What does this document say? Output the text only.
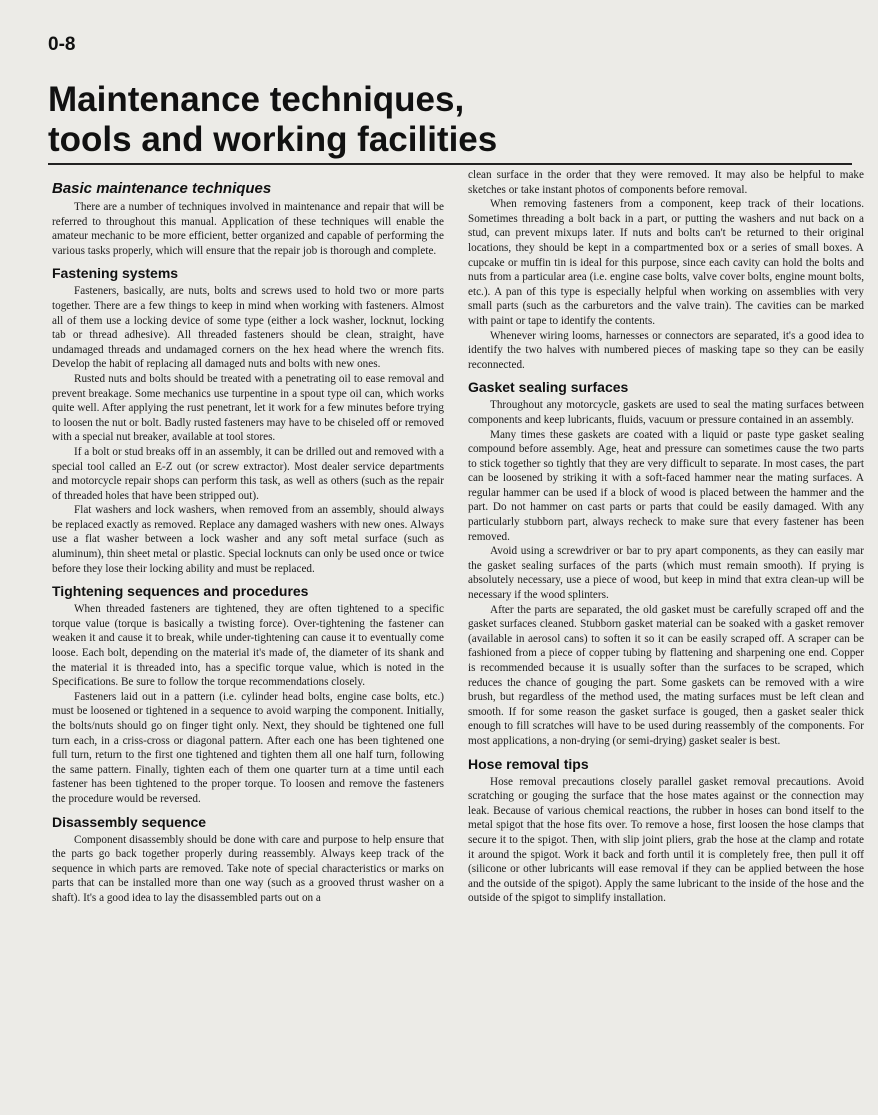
0-8
Maintenance techniques,
tools and working facilities
Basic maintenance techniques

There are a number of techniques involved in maintenance and repair that will be referred to throughout this manual. Application of these techniques will enable the amateur mechanic to be more efficient, better organized and capable of performing the various tasks properly, which will ensure that the repair job is thorough and complete.

Fastening systems

Fasteners, basically, are nuts, bolts and screws used to hold two or more parts together. There are a few things to keep in mind when working with fasteners. Almost all of them use a locking device of some type (either a lock washer, locknut, locking tab or thread adhesive). All threaded fasteners should be clean, straight, have undamaged threads and undamaged corners on the hex head where the wrench fits. Develop the habit of replacing all damaged nuts and bolts with new ones.

Rusted nuts and bolts should be treated with a penetrating oil to ease removal and prevent breakage. Some mechanics use turpentine in a spout type oil can, which works quite well. After applying the rust penetrant, let it work for a few minutes before trying to loosen the nut or bolt. Badly rusted fasteners may have to be chiseled off or removed with a special nut breaker, available at tool stores.

If a bolt or stud breaks off in an assembly, it can be drilled out and removed with a special tool called an E-Z out (or screw extractor). Most dealer service departments and motorcycle repair shops can perform this task, as well as others (such as the repair of threaded holes that have been stripped out).

Flat washers and lock washers, when removed from an assembly, should always be replaced exactly as removed. Replace any damaged washers with new ones. Always use a flat washer between a lock washer and any soft metal surface (such as aluminum), thin sheet metal or plastic. Special locknuts can only be used once or twice before they lose their locking ability and must be replaced.

Tightening sequences and procedures

When threaded fasteners are tightened, they are often tightened to a specific torque value (torque is basically a twisting force). Over-tightening the fastener can weaken it and cause it to break, while under-tightening can cause it to eventually come loose. Each bolt, depending on the material it's made of, the diameter of its shank and the material it is threaded into, has a specific torque value, which is noted in the Specifications. Be sure to follow the torque recommendations closely.

Fasteners laid out in a pattern (i.e. cylinder head bolts, engine case bolts, etc.) must be loosened or tightened in a sequence to avoid warping the component. Initially, the bolts/nuts should go on finger tight only. Next, they should be tightened one full turn each, in a criss-cross or diagonal pattern. After each one has been tightened one full turn, return to the first one tightened and tighten them all one half turn, following the same pattern. Finally, tighten each of them one quarter turn at a time until each fastener has been tightened to the proper torque. To loosen and remove the fasteners the procedure would be reversed.

Disassembly sequence

Component disassembly should be done with care and purpose to help ensure that the parts go back together properly during reassembly. Always keep track of the sequence in which parts are removed. Take note of special characteristics or marks on parts that can be installed more than one way (such as a grooved thrust washer on a shaft). It's a good idea to lay the disassembled parts out on a

clean surface in the order that they were removed. It may also be helpful to make sketches or take instant photos of components before removal.

When removing fasteners from a component, keep track of their locations. Sometimes threading a bolt back in a part, or putting the washers and nut back on a stud, can prevent mixups later. If nuts and bolts can't be returned to their original locations, they should be kept in a compartmented box or a series of small boxes. A cupcake or muffin tin is ideal for this purpose, since each cavity can hold the bolts and nuts from a particular area (i.e. engine case bolts, valve cover bolts, engine mount bolts, etc.). A pan of this type is especially helpful when working on assemblies with very small parts (such as the carburetors and the valve train). The cavities can be marked with paint or tape to identify the contents.

Whenever wiring looms, harnesses or connectors are separated, it's a good idea to identify the two halves with numbered pieces of masking tape so they can be easily reconnected.

Gasket sealing surfaces

Throughout any motorcycle, gaskets are used to seal the mating surfaces between components and keep lubricants, fluids, vacuum or pressure contained in an assembly.

Many times these gaskets are coated with a liquid or paste type gasket sealing compound before assembly. Age, heat and pressure can sometimes cause the two parts to stick together so tightly that they are very difficult to separate. In most cases, the part can be loosened by striking it with a soft-faced hammer near the mating surfaces. A regular hammer can be used if a block of wood is placed between the hammer and the part. Do not hammer on cast parts or parts that could be easily damaged. With any particularly stubborn part, always recheck to make sure that every fastener has been removed.

Avoid using a screwdriver or bar to pry apart components, as they can easily mar the gasket sealing surfaces of the parts (which must remain smooth). If prying is absolutely necessary, use a piece of wood, but keep in mind that extra clean-up will be necessary if the wood splinters.

After the parts are separated, the old gasket must be carefully scraped off and the gasket surfaces cleaned. Stubborn gasket material can be soaked with a gasket remover (available in aerosol cans) to soften it so it can be easily scraped off. A scraper can be fashioned from a piece of copper tubing by flattening and sharpening one end. Copper is recommended because it is usually softer than the surfaces to be scraped, which reduces the chance of gouging the part. Some gaskets can be removed with a wire brush, but regardless of the method used, the mating surfaces must be left clean and smooth. If for some reason the gasket surface is gouged, then a gasket sealer thick enough to fill scratches will have to be used during reassembly of the components. For most applications, a non-drying (or semi-drying) gasket sealer is best.

Hose removal tips

Hose removal precautions closely parallel gasket removal precautions. Avoid scratching or gouging the surface that the hose mates against or the connection may leak. Because of various chemical reactions, the rubber in hoses can bond itself to the metal spigot that the hose fits over. To remove a hose, first loosen the hose clamps that secure it to the spigot. Then, with slip joint pliers, grab the hose at the clamp and rotate it around the spigot. Work it back and forth until it is completely free, then pull it off (silicone or other lubricants will ease removal if they can be applied between the hose and the outside of the spigot). Apply the same lubricant to the inside of the hose and the outside of the spigot to simplify installation.
